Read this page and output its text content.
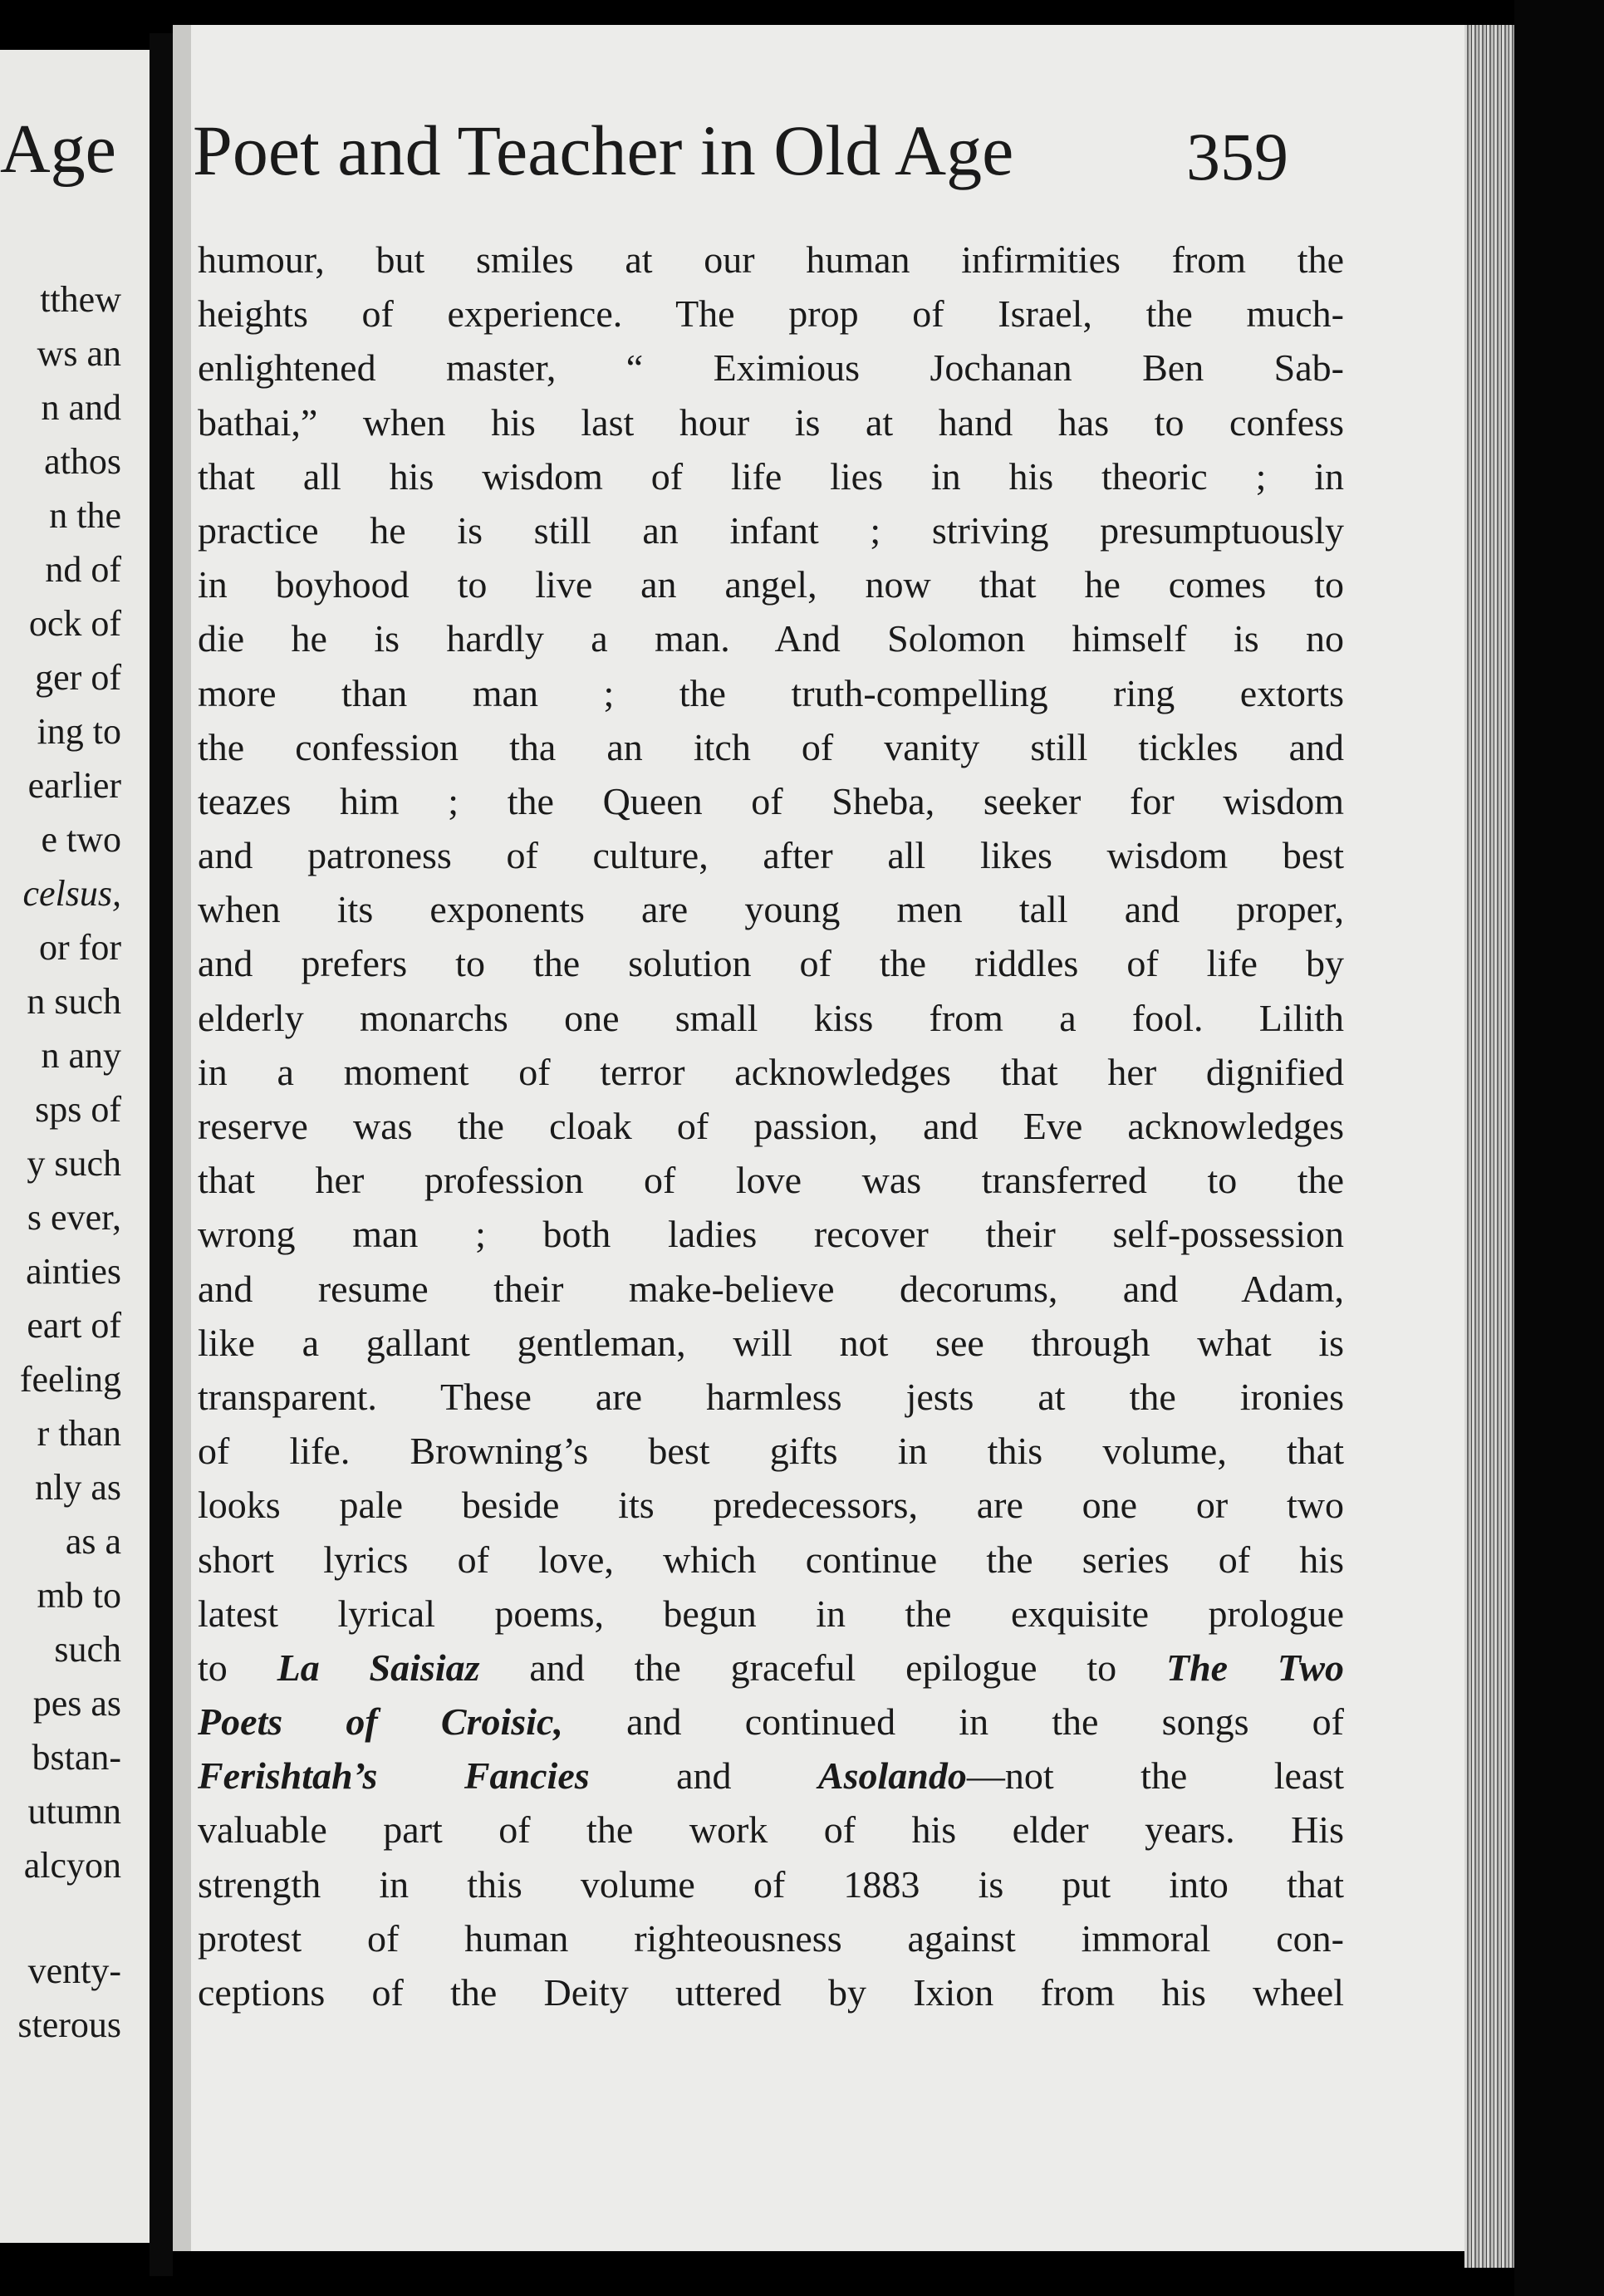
Age
tthew
ws an
n and
athos
n the
nd of
ock of
ger of
ing to
earlier
e two
celsus,
or for
n such
n any
sps of
y such
s ever,
ainties
eart of
feeling
r than
nly as
as a
mb to
such
pes as
bstan-
utumn
alcyon
venty-
sterous
Poet and Teacher in Old Age	359
humour, but smiles at our human infirmities from the
heights of experience. The prop of Israel, the much-
enlightened master, “ Eximious Jochanan Ben Sab-
bathai,” when his last hour is at hand has to confess
that all his wisdom of life lies in his theoric ; in
practice he is still an infant ; striving presumptuously
in boyhood to live an angel, now that he comes to
die he is hardly a man. And Solomon himself is no
more than man ; the truth-compelling ring extorts
the confession tha an itch of vanity still tickles and
teazes him ; the Queen of Sheba, seeker for wisdom
and patroness of culture, after all likes wisdom best
when its exponents are young men tall and proper,
and prefers to the solution of the riddles of life by
elderly monarchs one small kiss from a fool. Lilith
in a moment of terror acknowledges that her dignified
reserve was the cloak of passion, and Eve acknowledges
that her profession of love was transferred to the
wrong man ; both ladies recover their self-possession
and resume their make-believe decorums, and Adam,
like a gallant gentleman, will not see through what is
transparent. These are harmless jests at the ironies
of life. Browning’s best gifts in this volume, that
looks pale beside its predecessors, are one or two
short lyrics of love, which continue the series of his
latest lyrical poems, begun in the exquisite prologue
to La Saisiaz and the graceful epilogue to The Two
Poets of Croisic, and continued in the songs of
Ferishtah’s Fancies and Asolando—not the least
valuable part of the work of his elder years. His
strength in this volume of 1883 is put into that
protest of human righteousness against immoral con-
ceptions of the Deity uttered by Ixion from his wheel
